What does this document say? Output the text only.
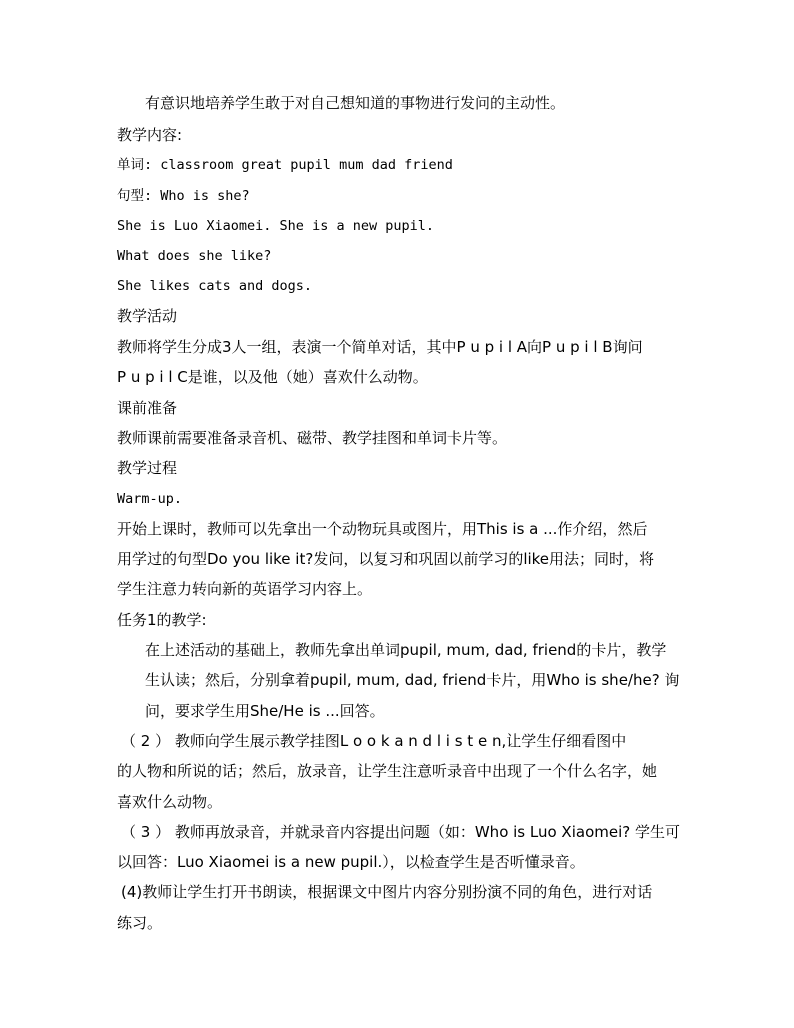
有意识地培养学生敢于对自己想知道的事物进行发问的主动性。
教学内容:
单词: classroom great pupil mum dad friend
句型: Who is she?
She is Luo Xiaomei. She is a new pupil.
What does she like?
She likes cats and dogs.
教学活动
教师将学生分成3人一组，表演一个简单对话，其中P u p i l A向P u p i l B询问
P u p i l C是谁，以及他（她）喜欢什么动物。
课前准备
教师课前需要准备录音机、磁带、教学挂图和单词卡片等。
教学过程
Warm-up.
开始上课时，教师可以先拿出一个动物玩具或图片，用This is a ...作介绍，然后
用学过的句型Do you like it?发问，以复习和巩固以前学习的like用法；同时，将
学生注意力转向新的英语学习内容上。
任务1的教学:
在上述活动的基础上，教师先拿出单词pupil, mum, dad, friend的卡片，教学
生认读；然后，分别拿着pupil, mum, dad, friend卡片，用Who is she/he? 询
问，要求学生用She/He is ...回答。
（ 2 ） 教师向学生展示教学挂图L o o k a n d l i s t e n,让学生仔细看图中
的人物和所说的话；然后，放录音，让学生注意听录音中出现了一个什么名字，她
喜欢什么动物。
（ 3 ） 教师再放录音，并就录音内容提出问题（如：Who is Luo Xiaomei? 学生可
以回答：Luo Xiaomei is a new pupil.），以检查学生是否听懂录音。
(4)教师让学生打开书朗读，根据课文中图片内容分别扮演不同的角色，进行对话
练习。
